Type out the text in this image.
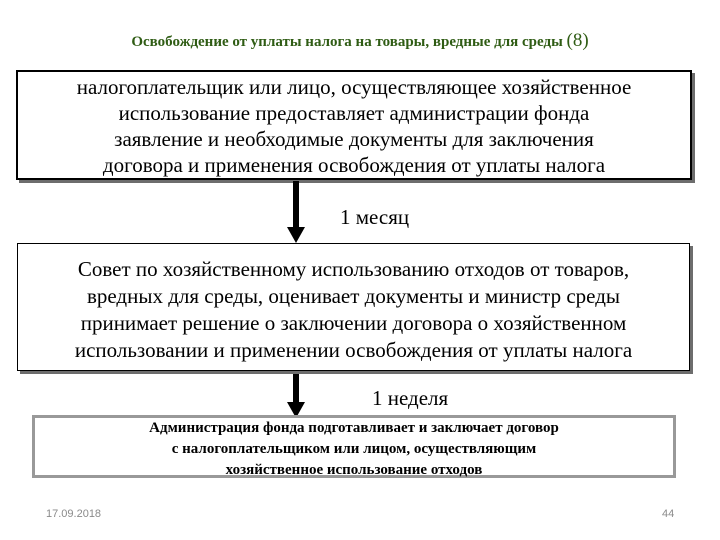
Освобождение от уплаты налога на товары, вредные для среды (8)
налогоплательщик или лицо, осуществляющее хозяйственное
использование предоставляет администрации фонда
заявление и необходимые документы для заключения
договора и применения освобождения от уплаты налога
1 месяц
Совет по хозяйственному использованию отходов от товаров,
вредных для среды, оценивает документы и министр среды
принимает решение о заключении договора о хозяйственном
использовании и применении освобождения от уплаты налога
1 неделя
Администрация фонда подготавливает и заключает договор
с налогоплательщиком или лицом, осуществляющим
хозяйственное использование отходов
17.09.2018	44
